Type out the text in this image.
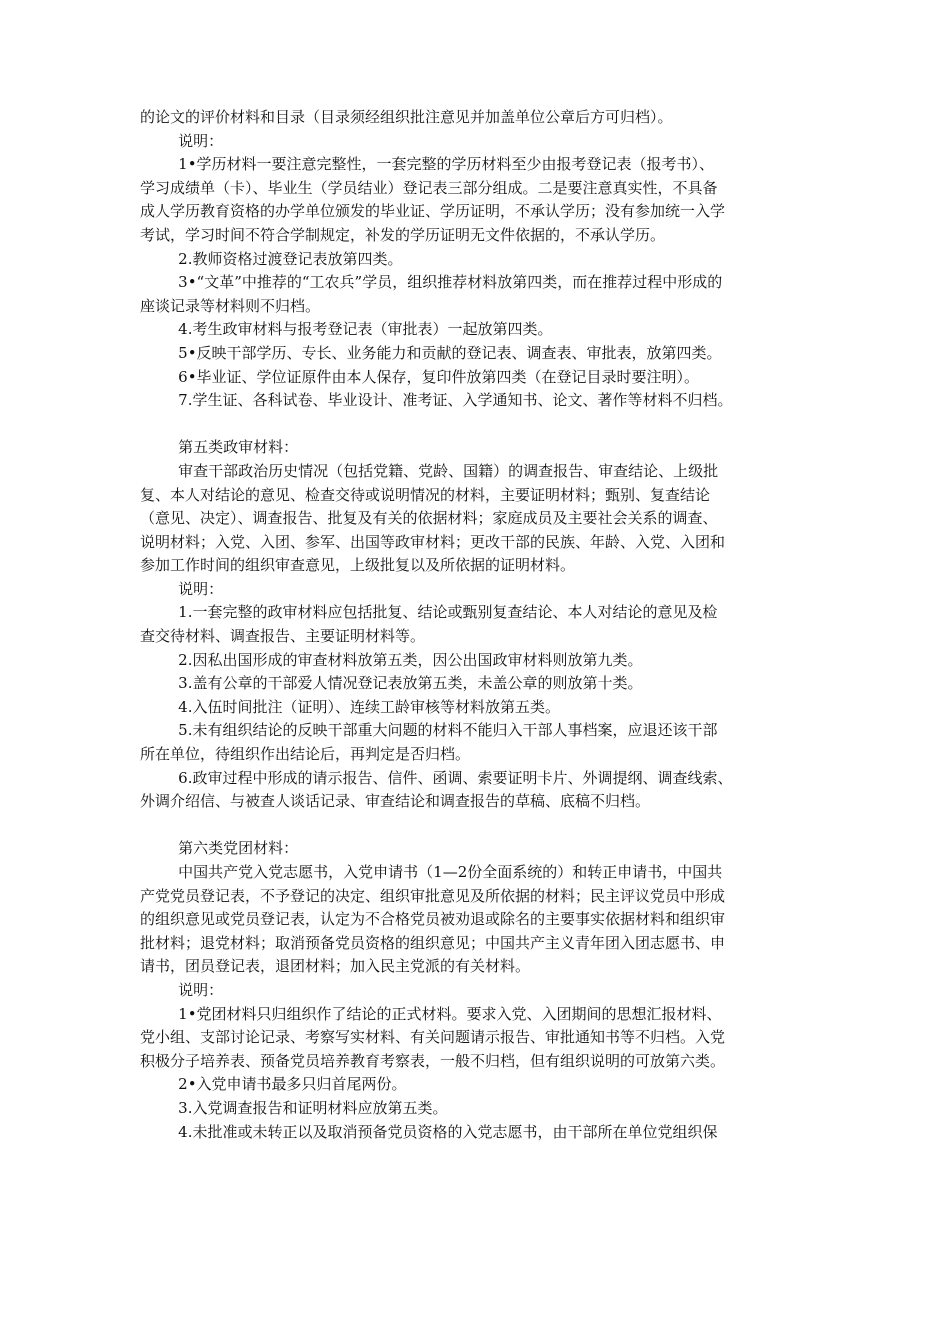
的论文的评价材料和目录（目录须经组织批注意见并加盖单位公章后方可归档）。
说明：
1•学历材料一要注意完整性，一套完整的学历材料至少由报考登记表（报考书）、
学习成绩单（卡）、毕业生（学员结业）登记表三部分组成。二是要注意真实性，不具备
成人学历教育资格的办学单位颁发的毕业证、学历证明，不承认学历；没有参加统一入学
考试，学习时间不符合学制规定，补发的学历证明无文件依据的，不承认学历。
2.教师资格过渡登记表放第四类。
3•“文革”中推荐的“工农兵”学员，组织推荐材料放第四类，而在推荐过程中形成的
座谈记录等材料则不归档。
4.考生政审材料与报考登记表（审批表）一起放第四类。
5•反映干部学历、专长、业务能力和贡献的登记表、调查表、审批表，放第四类。
6•毕业证、学位证原件由本人保存，复印件放第四类（在登记目录时要注明）。
7.学生证、各科试卷、毕业设计、准考证、入学通知书、论文、著作等材料不归档。
第五类政审材料：
审查干部政治历史情况（包括党籍、党龄、国籍）的调查报告、审查结论、上级批
复、本人对结论的意见、检查交待或说明情况的材料，主要证明材料；甄别、复查结论
（意见、决定）、调查报告、批复及有关的依据材料；家庭成员及主要社会关系的调查、
说明材料；入党、入团、参军、出国等政审材料；更改干部的民族、年龄、入党、入团和
参加工作时间的组织审查意见，上级批复以及所依据的证明材料。
说明：
1.一套完整的政审材料应包括批复、结论或甄别复查结论、本人对结论的意见及检
查交待材料、调查报告、主要证明材料等。
2.因私出国形成的审查材料放第五类，因公出国政审材料则放第九类。
3.盖有公章的干部爱人情况登记表放第五类，未盖公章的则放第十类。
4.入伍时间批注（证明）、连续工龄审核等材料放第五类。
5.未有组织结论的反映干部重大问题的材料不能归入干部人事档案，应退还该干部
所在单位，待组织作出结论后，再判定是否归档。
6.政审过程中形成的请示报告、信件、函调、索要证明卡片、外调提纲、调查线索、
外调介绍信、与被查人谈话记录、审查结论和调查报告的草稿、底稿不归档。
第六类党团材料：
中国共产党入党志愿书，入党申请书（1—2份全面系统的）和转正申请书，中国共
产党党员登记表，不予登记的决定、组织审批意见及所依据的材料；民主评议党员中形成
的组织意见或党员登记表，认定为不合格党员被劝退或除名的主要事实依据材料和组织审
批材料；退党材料；取消预备党员资格的组织意见；中国共产主义青年团入团志愿书、申
请书，团员登记表，退团材料；加入民主党派的有关材料。
说明：
1•党团材料只归组织作了结论的正式材料。要求入党、入团期间的思想汇报材料、
党小组、支部讨论记录、考察写实材料、有关问题请示报告、审批通知书等不归档。入党
积极分子培养表、预备党员培养教育考察表，一般不归档，但有组织说明的可放第六类。
2•入党申请书最多只归首尾两份。
3.入党调查报告和证明材料应放第五类。
4.未批准或未转正以及取消预备党员资格的入党志愿书，由干部所在单位党组织保
